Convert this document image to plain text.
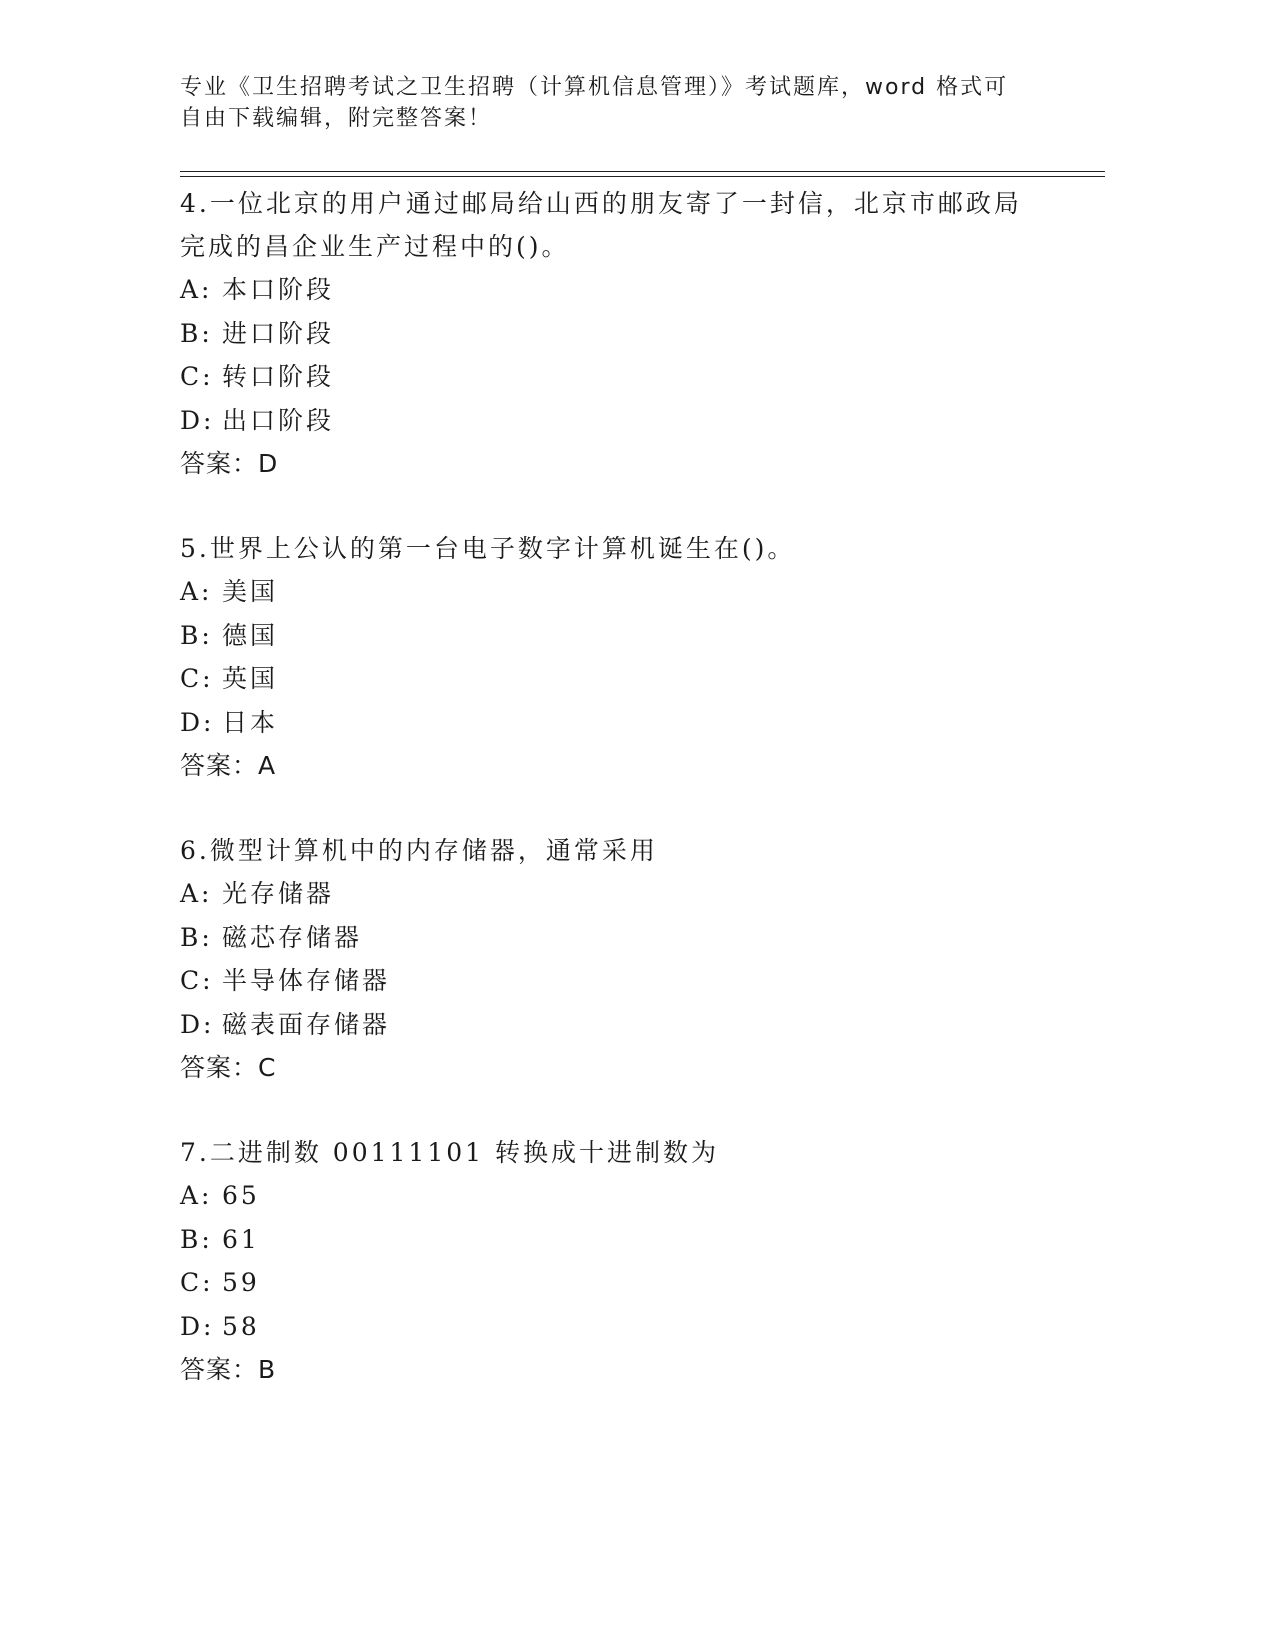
专业《卫生招聘考试之卫生招聘（计算机信息管理）》考试题库，word 格式可自由下载编辑，附完整答案！
4.一位北京的用户通过邮局给山西的朋友寄了一封信，北京市邮政局完成的昌企业生产过程中的()。
A: 本口阶段
B: 进口阶段
C: 转口阶段
D: 出口阶段
答案：D
5.世界上公认的第一台电子数字计算机诞生在()。
A: 美国
B: 德国
C: 英国
D: 日本
答案：A
6.微型计算机中的内存储器，通常采用
A: 光存储器
B: 磁芯存储器
C: 半导体存储器
D: 磁表面存储器
答案：C
7.二进制数 00111101 转换成十进制数为
A: 65
B: 61
C: 59
D: 58
答案：B
